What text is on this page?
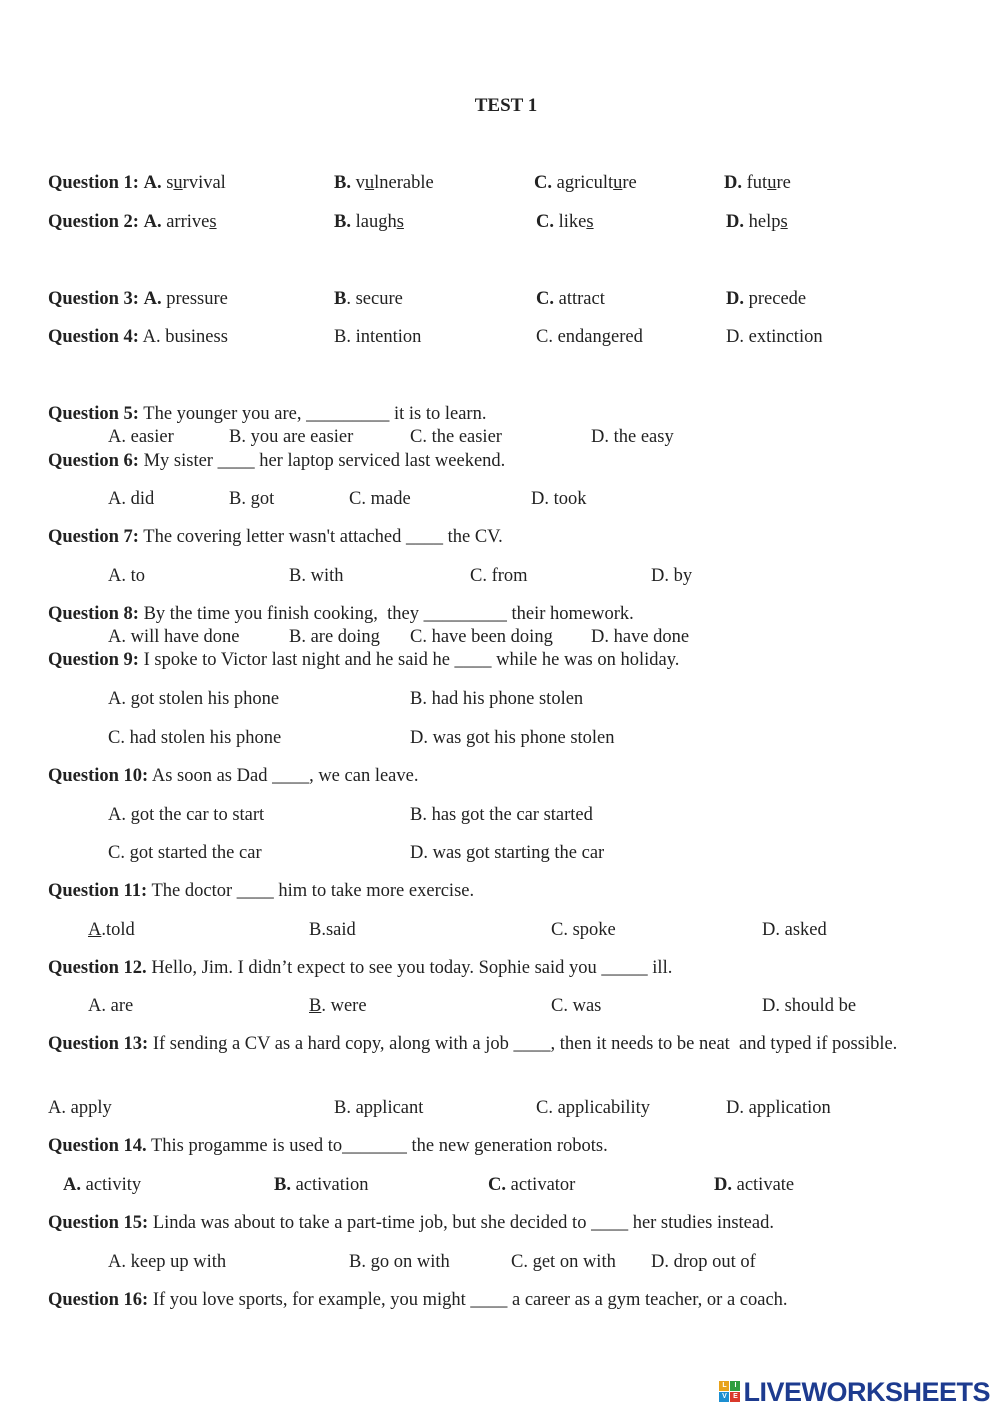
TEST 1
Question 1: A. survival	B. vulnerable	C. agriculture	D. future
Question 2: A. arrives	B. laughs	C. likes	D. helps
Question 3: A. pressure	B. secure	C. attract	D. precede
Question 4: A. business	B. intention	C. endangered	D. extinction
Question 5: The younger you are, _________ it is to learn.
A. easier	B. you are easier	C. the easier	D. the easy
Question 6: My sister ____ her laptop serviced last weekend.
A. did	B. got	C. made	D. took
Question 7: The covering letter wasn't attached ____ the CV.
A. to	B. with	C. from	D. by
Question 8: By the time you finish cooking,  they _________ their homework.
A. will have done	B. are doing C. have been doing D. have done
Question 9: I spoke to Victor last night and he said he ____ while he was on holiday.
A. got stolen his phone	B. had his phone stolen
C. had stolen his phone	D. was got his phone stolen
Question 10: As soon as Dad ____, we can leave.
A. got the car to start	B. has got the car started
C. got started the car	D. was got starting the car
Question 11: The doctor ____ him to take more exercise.
A.told	B.said	C. spoke	D. asked
Question 12. Hello, Jim. I didn’t expect to see you today. Sophie said you _____ ill.
A. are	B. were	C. was	D. should be
Question 13: If sending a CV as a hard copy, along with a job ____, then it needs to be neat  and typed if possible.
A. apply	B. applicant	C. applicability	D. application
Question 14. This progamme is used to_______ the new generation robots.
A. activity	B. activation	C. activator	D. activate
Question 15: Linda was about to take a part-time job, but she decided to ____ her studies instead.
A. keep up with	B. go on with	C. get on with D. drop out of
Question 16: If you love sports, for example, you might ____ a career as a gym teacher, or a coach.
L	I
V E LIVEWORKSHEETS
